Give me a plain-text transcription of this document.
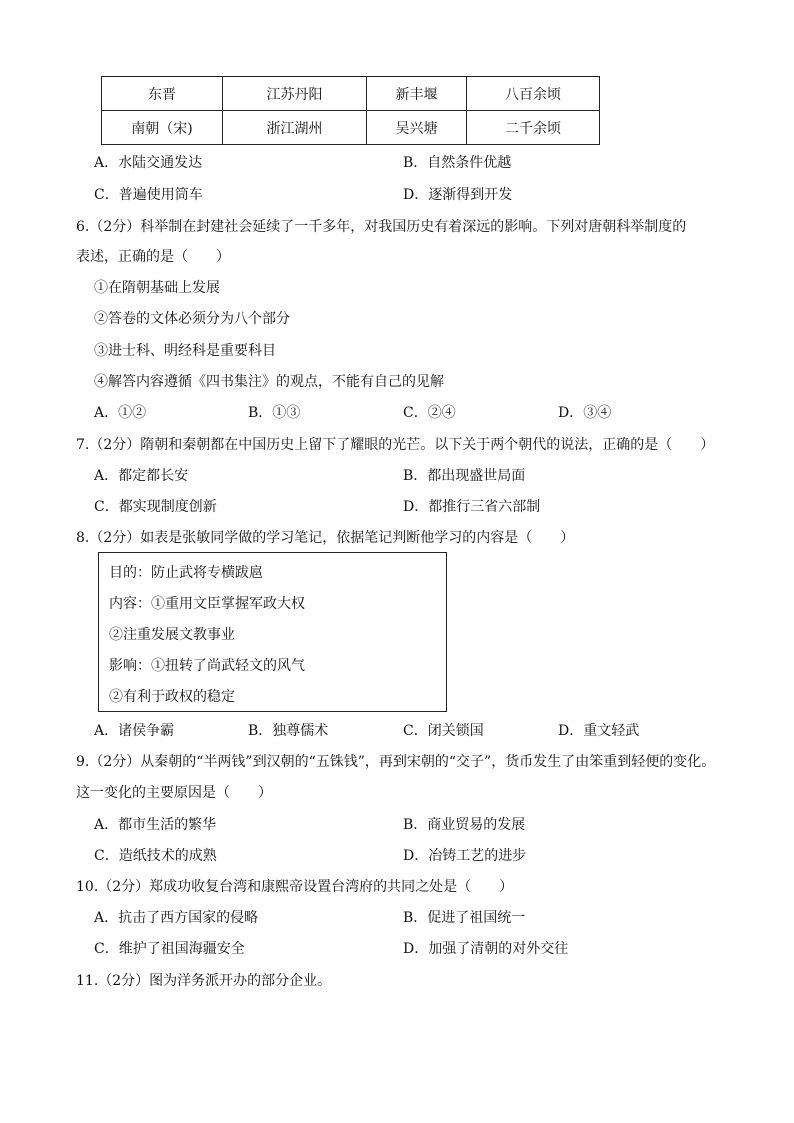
东晋	江苏丹阳	新丰堰	八百余顷
南朝（宋)	浙江湖州	吴兴塘	二千余顷
A．水陆交通发达	B．自然条件优越
C．普遍使用筒车	D．逐渐得到开发
6.（2分）科举制在封建社会延续了一千多年，对我国历史有着深远的影响。下列对唐朝科举制度的
表述，正确的是（　　）
①在隋朝基础上发展
②答卷的文体必须分为八个部分
③进士科、明经科是重要科目
④解答内容遵循《四书集注》的观点，不能有自己的见解
A．①②	B．①③	C．②④	D．③④
7.（2分）隋朝和秦朝都在中国历史上留下了耀眼的光芒。以下关于两个朝代的说法，正确的是（　　）
A．都定都长安	B．都出现盛世局面
C．都实现制度创新	D．都推行三省六部制
8.（2分）如表是张敏同学做的学习笔记，依据笔记判断他学习的内容是（　　）
目的：防止武将专横跋扈
内容：①重用文臣掌握军政大权
②注重发展文教事业
影响：①扭转了尚武轻文的风气
②有利于政权的稳定
A．诸侯争霸	B．独尊儒术	C．闭关锁国	D．重文轻武
9.（2分）从秦朝的“半两钱”到汉朝的“五铢钱”，再到宋朝的“交子”，货币发生了由笨重到轻便的变化。
这一变化的主要原因是（　　）
A．都市生活的繁华	B．商业贸易的发展
C．造纸技术的成熟	D．冶铸工艺的进步
10.（2分）郑成功收复台湾和康熙帝设置台湾府的共同之处是（　　）
A．抗击了西方国家的侵略	B．促进了祖国统一
C．维护了祖国海疆安全	D．加强了清朝的对外交往
11.（2分）图为洋务派开办的部分企业。
